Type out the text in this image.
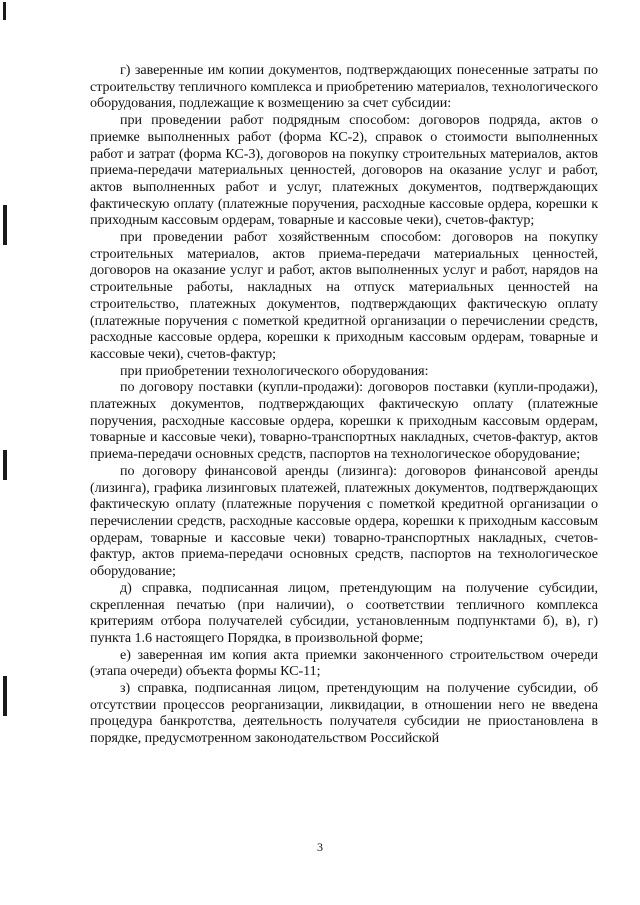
г) заверенные им копии документов, подтверждающих понесенные затраты по строительству тепличного комплекса и приобретению материалов, технологического оборудования, подлежащие к возмещению за счет субсидии:

при проведении работ подрядным способом: договоров подряда, актов о приемке выполненных работ (форма КС-2), справок о стоимости выполненных работ и затрат (форма КС-3), договоров на покупку строительных материалов, актов приема-передачи материальных ценностей, договоров на оказание услуг и работ, актов выполненных работ и услуг, платежных документов, подтверждающих фактическую оплату (платежные поручения, расходные кассовые ордера, корешки к приходным кассовым ордерам, товарные и кассовые чеки), счетов-фактур;

при проведении работ хозяйственным способом: договоров на покупку строительных материалов, актов приема-передачи материальных ценностей, договоров на оказание услуг и работ, актов выполненных услуг и работ, нарядов на строительные работы, накладных на отпуск материальных ценностей на строительство, платежных документов, подтверждающих фактическую оплату (платежные поручения с пометкой кредитной организации о перечислении средств, расходные кассовые ордера, корешки к приходным кассовым ордерам, товарные и кассовые чеки), счетов-фактур;

при приобретении технологического оборудования:

по договору поставки (купли-продажи): договоров поставки (купли-продажи), платежных документов, подтверждающих фактическую оплату (платежные поручения, расходные кассовые ордера, корешки к приходным кассовым ордерам, товарные и кассовые чеки), товарно-транспортных накладных, счетов-фактур, актов приема-передачи основных средств, паспортов на технологическое оборудование;

по договору финансовой аренды (лизинга): договоров финансовой аренды (лизинга), графика лизинговых платежей, платежных документов, подтверждающих фактическую оплату (платежные поручения с пометкой кредитной организации о перечислении средств, расходные кассовые ордера, корешки к приходным кассовым ордерам, товарные и кассовые чеки) товарно-транспортных накладных, счетов-фактур, актов приема-передачи основных средств, паспортов на технологическое оборудование;

д) справка, подписанная лицом, претендующим на получение субсидии, скрепленная печатью (при наличии), о соответствии тепличного комплекса критериям отбора получателей субсидии, установленным подпунктами б), в), г) пункта 1.6 настоящего Порядка, в произвольной форме;

е) заверенная им копия акта приемки законченного строительством очереди (этапа очереди) объекта формы КС-11;

з) справка, подписанная лицом, претендующим на получение субсидии, об отсутствии процессов реорганизации, ликвидации, в отношении него не введена процедура банкротства, деятельность получателя субсидии не приостановлена в порядке, предусмотренном законодательством Российской

3
